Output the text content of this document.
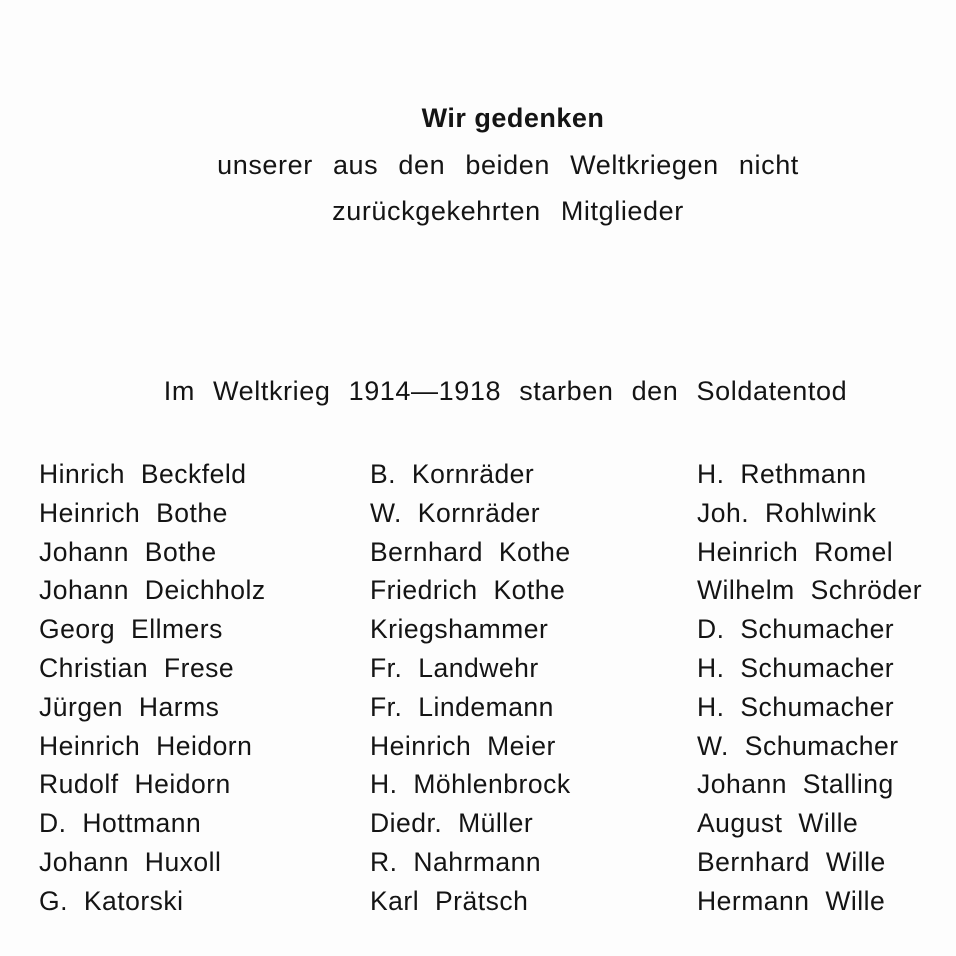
Wir gedenken
unserer aus den beiden Weltkriegen nicht
zurückgekehrten Mitglieder
Im Weltkrieg 1914—1918 starben den Soldatentod
Hinrich Beckfeld
Heinrich Bothe
Johann Bothe
Johann Deichholz
Georg Ellmers
Christian Frese
Jürgen Harms
Heinrich Heidorn
Rudolf Heidorn
D. Hottmann
Johann Huxoll
G. Katorski
B. Kornräder
W. Kornräder
Bernhard Kothe
Friedrich Kothe
Kriegshammer
Fr. Landwehr
Fr. Lindemann
Heinrich Meier
H. Möhlenbrock
Diedr. Müller
R. Nahrmann
Karl Prätsch
H. Rethmann
Joh. Rohlwink
Heinrich Romel
Wilhelm Schröder
D. Schumacher
H. Schumacher
H. Schumacher
W. Schumacher
Johann Stalling
August Wille
Bernhard Wille
Hermann Wille
